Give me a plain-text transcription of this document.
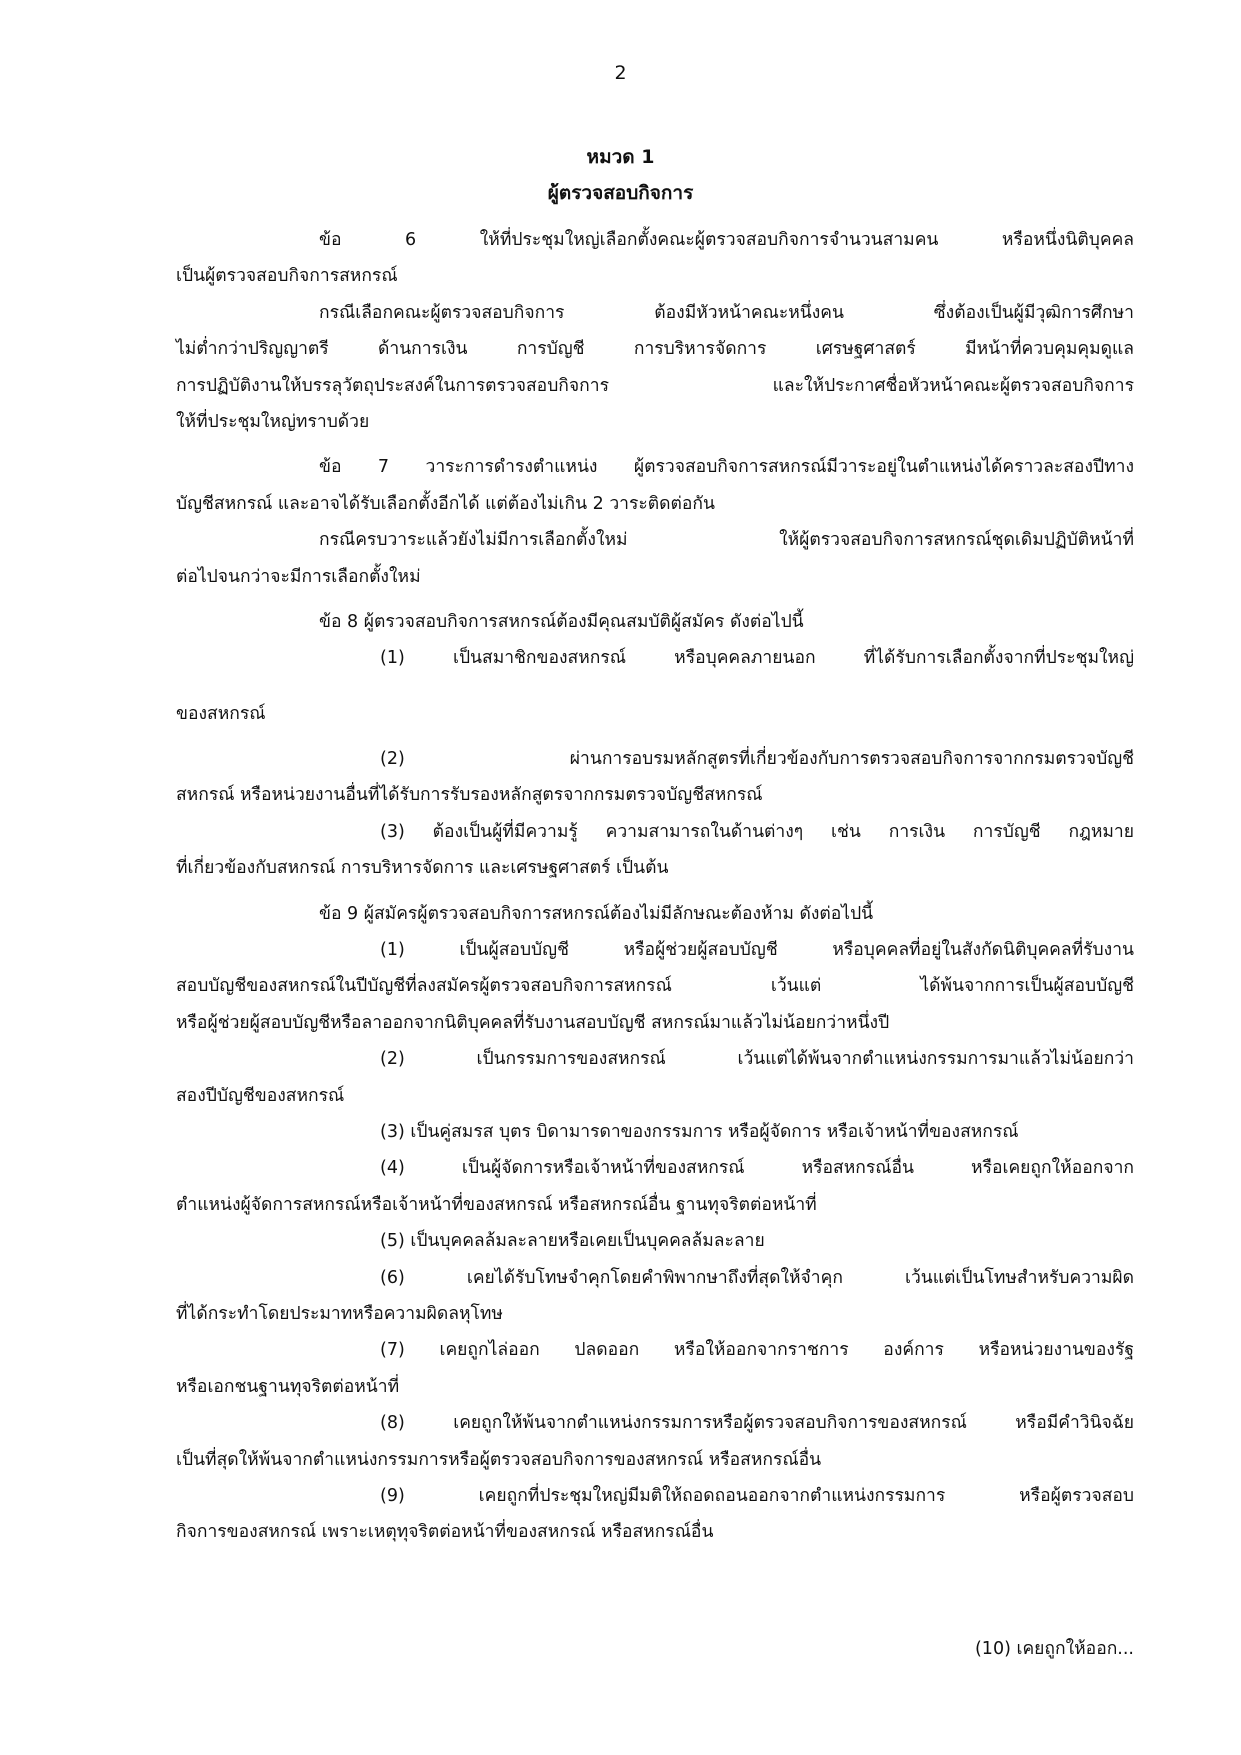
2
หมวด 1
ผู้ตรวจสอบกิจการ
ข้อ 6 ให้ที่ประชุมใหญ่เลือกตั้งคณะผู้ตรวจสอบกิจการจำนวนสามคน หรือหนึ่งนิติบุคคล
เป็นผู้ตรวจสอบกิจการสหกรณ์
กรณีเลือกคณะผู้ตรวจสอบกิจการ ต้องมีหัวหน้าคณะหนึ่งคน ซึ่งต้องเป็นผู้มีวุฒิการศึกษา
ไม่ต่ำกว่าปริญญาตรี ด้านการเงิน การบัญชี การบริหารจัดการ เศรษฐศาสตร์ มีหน้าที่ควบคุมคุมดูแล
การปฏิบัติงานให้บรรลุวัตถุประสงค์ในการตรวจสอบกิจการ และให้ประกาศชื่อหัวหน้าคณะผู้ตรวจสอบกิจการ
ให้ที่ประชุมใหญ่ทราบด้วย
ข้อ 7 วาระการดำรงตำแหน่ง ผู้ตรวจสอบกิจการสหกรณ์มีวาระอยู่ในตำแหน่งได้คราวละสองปีทาง
บัญชีสหกรณ์ และอาจได้รับเลือกตั้งอีกได้ แต่ต้องไม่เกิน 2 วาระติดต่อกัน
กรณีครบวาระแล้วยังไม่มีการเลือกตั้งใหม่ ให้ผู้ตรวจสอบกิจการสหกรณ์ชุดเดิมปฏิบัติหน้าที่
ต่อไปจนกว่าจะมีการเลือกตั้งใหม่
ข้อ 8 ผู้ตรวจสอบกิจการสหกรณ์ต้องมีคุณสมบัติผู้สมัคร ดังต่อไปนี้
(1) เป็นสมาชิกของสหกรณ์ หรือบุคคลภายนอก ที่ได้รับการเลือกตั้งจากที่ประชุมใหญ่
ของสหกรณ์
(2) ผ่านการอบรมหลักสูตรที่เกี่ยวข้องกับการตรวจสอบกิจการจากกรมตรวจบัญชี
สหกรณ์ หรือหน่วยงานอื่นที่ได้รับการรับรองหลักสูตรจากกรมตรวจบัญชีสหกรณ์
(3) ต้องเป็นผู้ที่มีความรู้ ความสามารถในด้านต่างๆ เช่น การเงิน การบัญชี กฎหมาย
ที่เกี่ยวข้องกับสหกรณ์ การบริหารจัดการ และเศรษฐศาสตร์ เป็นต้น
ข้อ 9 ผู้สมัครผู้ตรวจสอบกิจการสหกรณ์ต้องไม่มีลักษณะต้องห้าม ดังต่อไปนี้
(1) เป็นผู้สอบบัญชี หรือผู้ช่วยผู้สอบบัญชี หรือบุคคลที่อยู่ในสังกัดนิติบุคคลที่รับงาน
สอบบัญชีของสหกรณ์ในปีบัญชีที่ลงสมัครผู้ตรวจสอบกิจการสหกรณ์ เว้นแต่ ได้พ้นจากการเป็นผู้สอบบัญชี
หรือผู้ช่วยผู้สอบบัญชีหรือลาออกจากนิติบุคคลที่รับงานสอบบัญชี สหกรณ์มาแล้วไม่น้อยกว่าหนึ่งปี
(2) เป็นกรรมการของสหกรณ์ เว้นแต่ได้พ้นจากตำแหน่งกรรมการมาแล้วไม่น้อยกว่า
สองปีบัญชีของสหกรณ์
(3) เป็นคู่สมรส บุตร บิดามารดาของกรรมการ หรือผู้จัดการ หรือเจ้าหน้าที่ของสหกรณ์
(4) เป็นผู้จัดการหรือเจ้าหน้าที่ของสหกรณ์ หรือสหกรณ์อื่น หรือเคยถูกให้ออกจาก
ตำแหน่งผู้จัดการสหกรณ์หรือเจ้าหน้าที่ของสหกรณ์ หรือสหกรณ์อื่น ฐานทุจริตต่อหน้าที่
(5) เป็นบุคคลล้มละลายหรือเคยเป็นบุคคลล้มละลาย
(6) เคยได้รับโทษจำคุกโดยคำพิพากษาถึงที่สุดให้จำคุก เว้นแต่เป็นโทษสำหรับความผิด
ที่ได้กระทำโดยประมาทหรือความผิดลหุโทษ
(7) เคยถูกไล่ออก ปลดออก หรือให้ออกจากราชการ องค์การ หรือหน่วยงานของรัฐ
หรือเอกชนฐานทุจริตต่อหน้าที่
(8) เคยถูกให้พ้นจากตำแหน่งกรรมการหรือผู้ตรวจสอบกิจการของสหกรณ์ หรือมีคำวินิจฉัย
เป็นที่สุดให้พ้นจากตำแหน่งกรรมการหรือผู้ตรวจสอบกิจการของสหกรณ์ หรือสหกรณ์อื่น
(9) เคยถูกที่ประชุมใหญ่มีมติให้ถอดถอนออกจากตำแหน่งกรรมการ หรือผู้ตรวจสอบ
กิจการของสหกรณ์ เพราะเหตุทุจริตต่อหน้าที่ของสหกรณ์ หรือสหกรณ์อื่น
(10) เคยถูกให้ออก...
